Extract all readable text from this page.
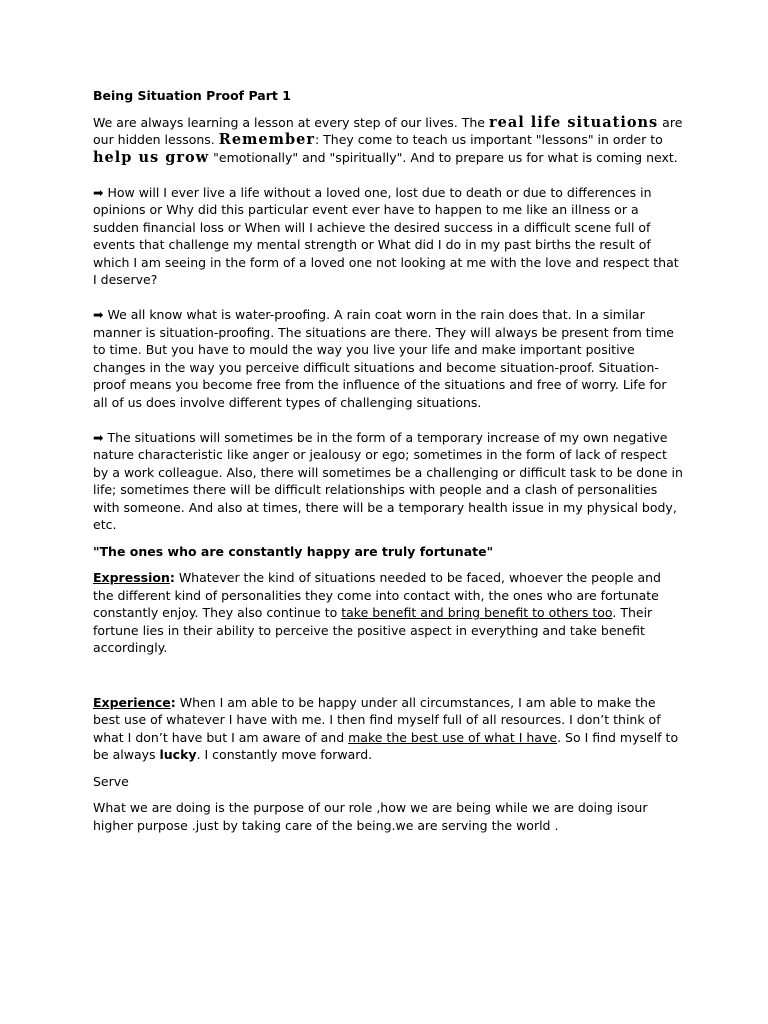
Being Situation Proof Part 1

We are always learning a lesson at every step of our lives. The real life situations are our hidden lessons. Remember: They come to teach us important "lessons" in order to help us grow "emotionally" and "spiritually". And to prepare us for what is coming next.

➡ How will I ever live a life without a loved one, lost due to death or due to differences in opinions or Why did this particular event ever have to happen to me like an illness or a sudden financial loss or When will I achieve the desired success in a difficult scene full of events that challenge my mental strength or What did I do in my past births the result of which I am seeing in the form of a loved one not looking at me with the love and respect that I deserve?

➡ We all know what is water-proofing. A rain coat worn in the rain does that. In a similar manner is situation-proofing. The situations are there. They will always be present from time to time. But you have to mould the way you live your life and make important positive changes in the way you perceive difficult situations and become situation-proof. Situation-proof means you become free from the influence of the situations and free of worry. Life for all of us does involve different types of challenging situations.

➡ The situations will sometimes be in the form of a temporary increase of my own negative nature characteristic like anger or jealousy or ego; sometimes in the form of lack of respect by a work colleague. Also, there will sometimes be a challenging or difficult task to be done in life; sometimes there will be difficult relationships with people and a clash of personalities with someone. And also at times, there will be a temporary health issue in my physical body, etc.

"The ones who are constantly happy are truly fortunate"

Expression: Whatever the kind of situations needed to be faced, whoever the people and the different kind of personalities they come into contact with, the ones who are fortunate constantly enjoy. They also continue to take benefit and bring benefit to others too. Their fortune lies in their ability to perceive the positive aspect in everything and take benefit accordingly.

Experience: When I am able to be happy under all circumstances, I am able to make the best use of whatever I have with me. I then find myself full of all resources. I don’t think of what I don’t have but I am aware of and make the best use of what I have. So I find myself to be always lucky. I constantly move forward.

Serve

What we are doing is the purpose of our role ,how we are being while we are doing isour higher purpose .just by taking care of the being.we are serving the world .
